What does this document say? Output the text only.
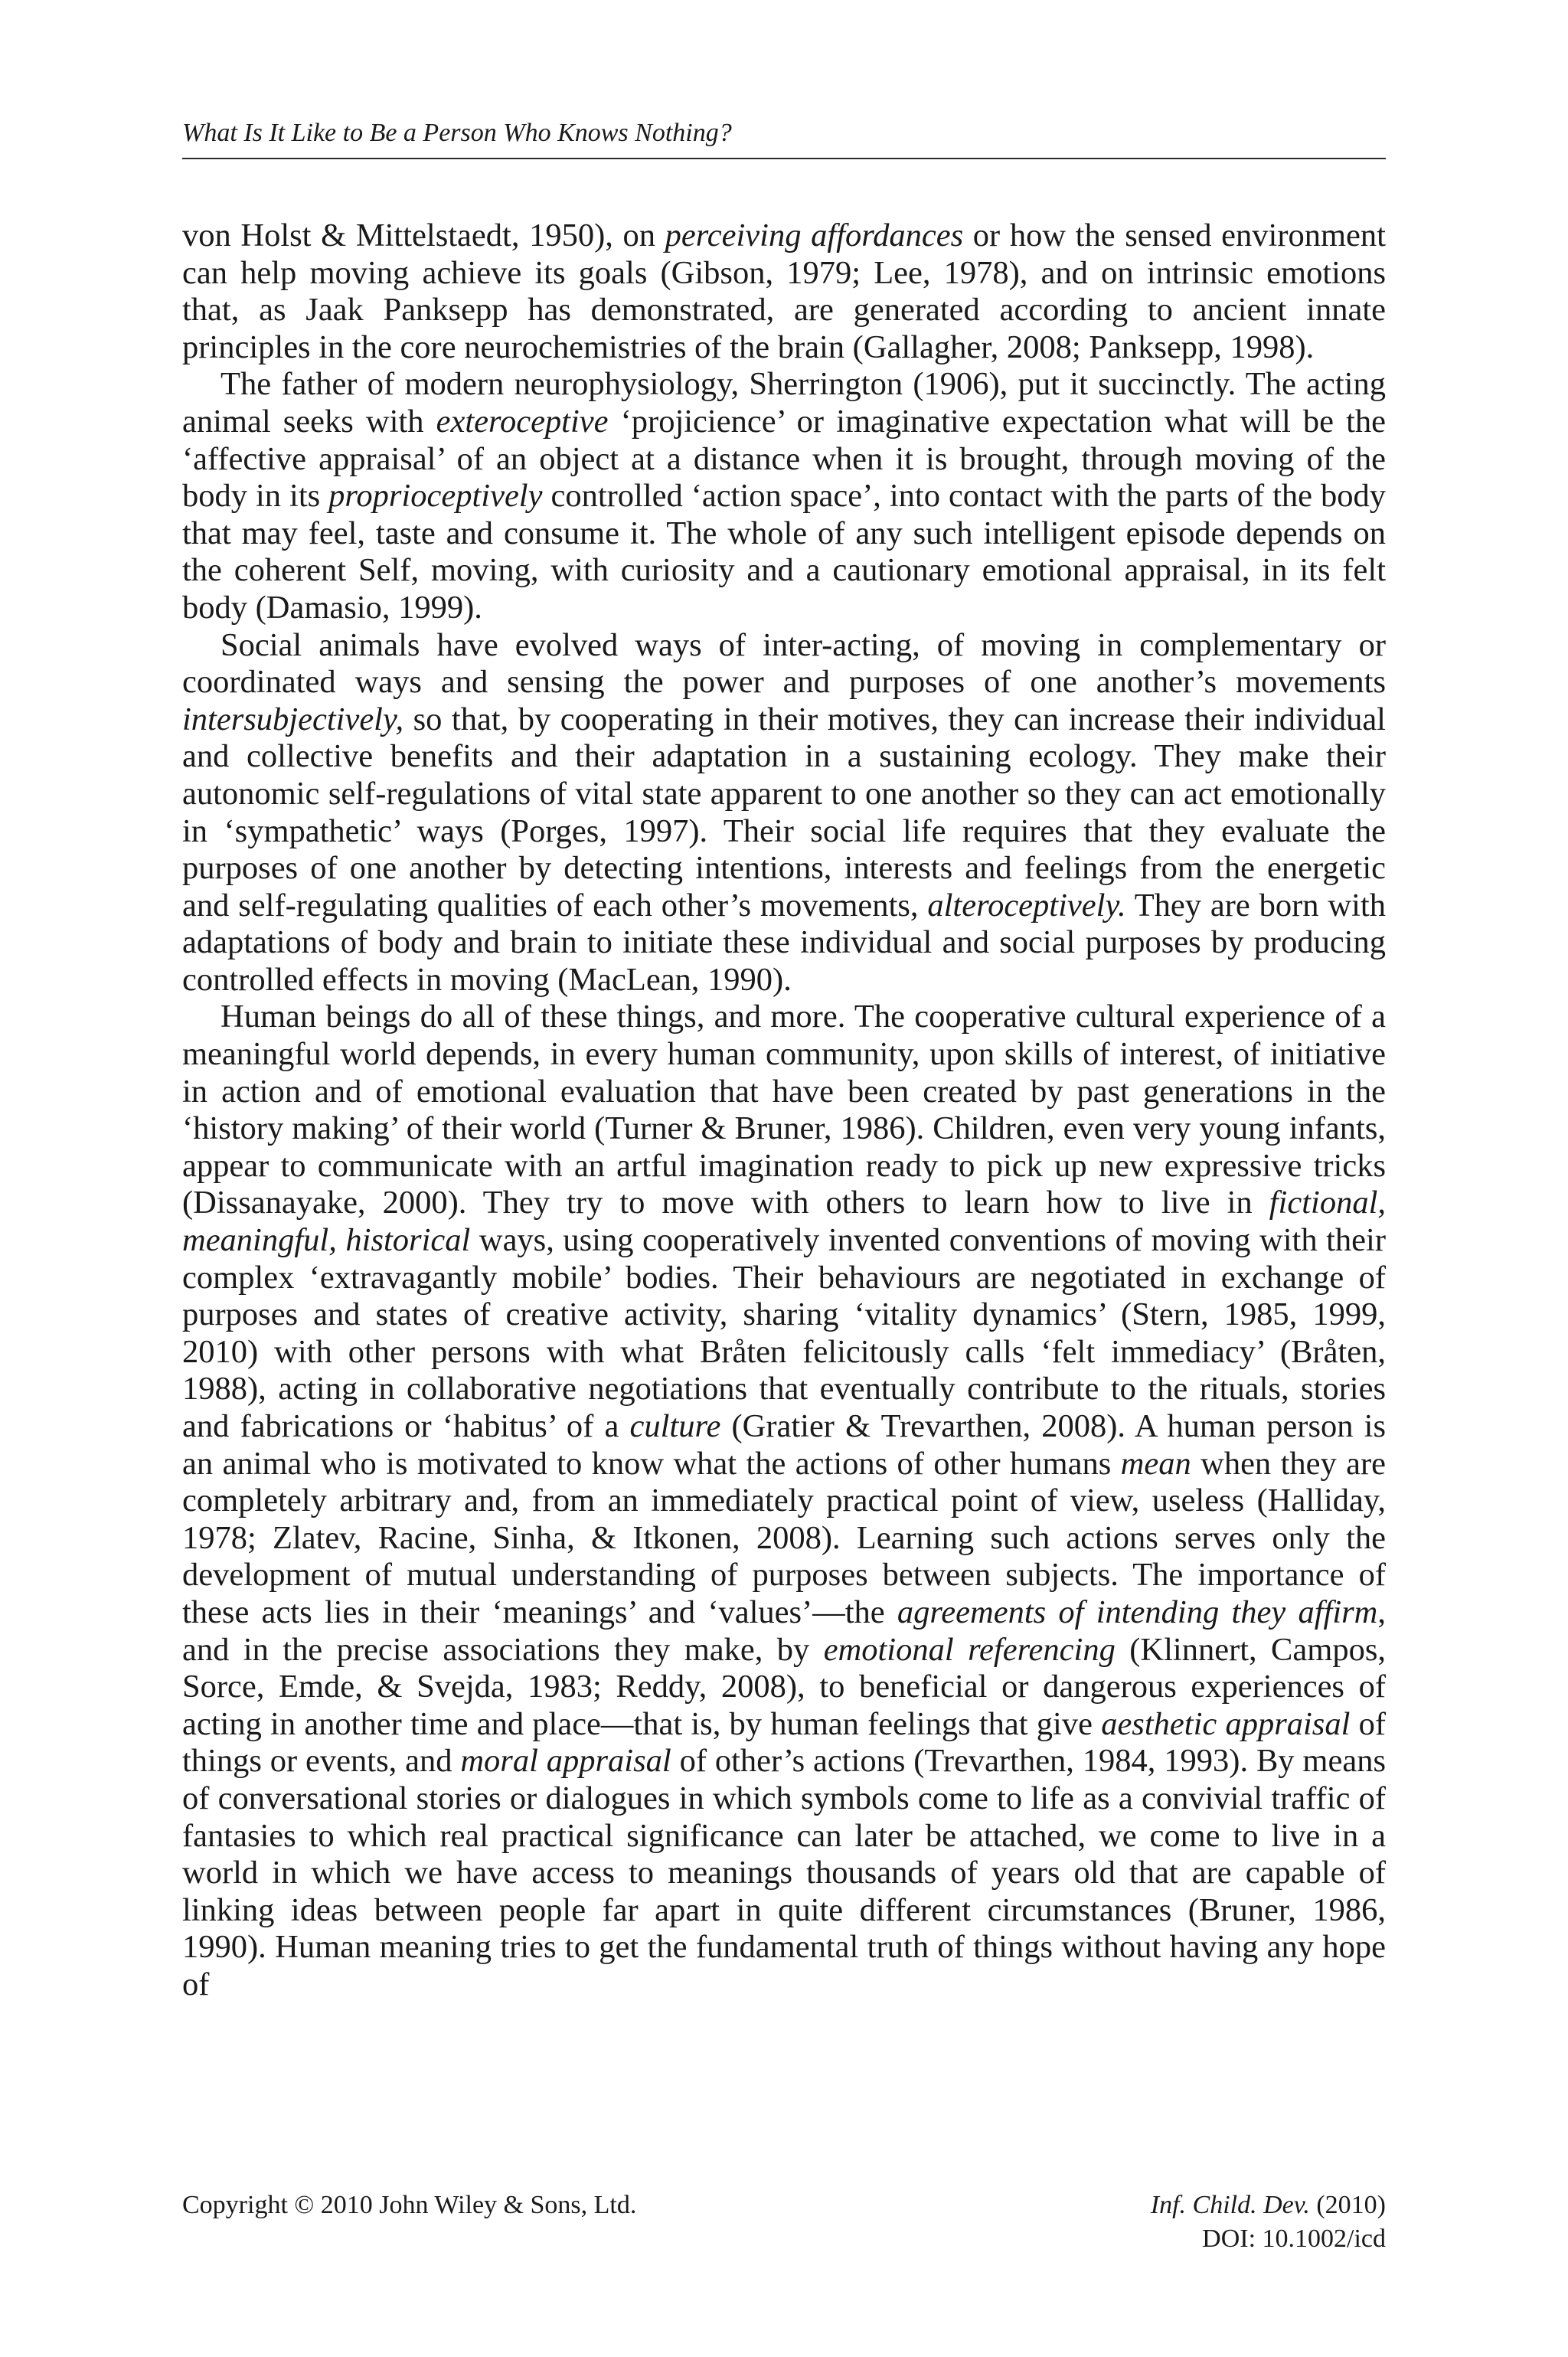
What Is It Like to Be a Person Who Knows Nothing?

von Holst & Mittelstaedt, 1950), on perceiving affordances or how the sensed environment can help moving achieve its goals (Gibson, 1979; Lee, 1978), and on intrinsic emotions that, as Jaak Panksepp has demonstrated, are generated according to ancient innate principles in the core neurochemistries of the brain (Gallagher, 2008; Panksepp, 1998).

The father of modern neurophysiology, Sherrington (1906), put it succinctly. The acting animal seeks with exteroceptive ‘projicience’ or imaginative expectation what will be the ‘affective appraisal’ of an object at a distance when it is brought, through moving of the body in its proprioceptively controlled ‘action space’, into contact with the parts of the body that may feel, taste and consume it. The whole of any such intelligent episode depends on the coherent Self, moving, with curiosity and a cautionary emotional appraisal, in its felt body (Damasio, 1999).

Social animals have evolved ways of inter-acting, of moving in complementary or coordinated ways and sensing the power and purposes of one another’s movements intersubjectively, so that, by cooperating in their motives, they can increase their individual and collective benefits and their adaptation in a sustaining ecology. They make their autonomic self-regulations of vital state apparent to one another so they can act emotionally in ‘sympathetic’ ways (Porges, 1997). Their social life requires that they evaluate the purposes of one another by detecting intentions, interests and feelings from the energetic and self-regulating qualities of each other’s movements, alteroceptively. They are born with adaptations of body and brain to initiate these individual and social purposes by producing controlled effects in moving (MacLean, 1990).

Human beings do all of these things, and more. The cooperative cultural experience of a meaningful world depends, in every human community, upon skills of interest, of initiative in action and of emotional evaluation that have been created by past generations in the ‘history making’ of their world (Turner & Bruner, 1986). Children, even very young infants, appear to communicate with an artful imagination ready to pick up new expressive tricks (Dissanayake, 2000). They try to move with others to learn how to live in fictional, meaningful, historical ways, using cooperatively invented conventions of moving with their complex ‘extravagantly mobile’ bodies. Their behaviours are negotiated in exchange of purposes and states of creative activity, sharing ‘vitality dynamics’ (Stern, 1985, 1999, 2010) with other persons with what Bråten felicitously calls ‘felt immediacy’ (Bråten, 1988), acting in collaborative negotiations that eventually contribute to the rituals, stories and fabrications or ‘habitus’ of a culture (Gratier & Trevarthen, 2008). A human person is an animal who is motivated to know what the actions of other humans mean when they are completely arbitrary and, from an immediately practical point of view, useless (Halliday, 1978; Zlatev, Racine, Sinha, & Itkonen, 2008). Learning such actions serves only the development of mutual understanding of purposes between subjects. The importance of these acts lies in their ‘meanings’ and ‘values’—the agreements of intending they affirm, and in the precise associations they make, by emotional referencing (Klinnert, Campos, Sorce, Emde, & Svejda, 1983; Reddy, 2008), to beneficial or dangerous experiences of acting in another time and place—that is, by human feelings that give aesthetic appraisal of things or events, and moral appraisal of other’s actions (Trevarthen, 1984, 1993). By means of conversational stories or dialogues in which symbols come to life as a convivial traffic of fantasies to which real practical significance can later be attached, we come to live in a world in which we have access to meanings thousands of years old that are capable of linking ideas between people far apart in quite different circumstances (Bruner, 1986, 1990). Human meaning tries to get the fundamental truth of things without having any hope of

Copyright © 2010 John Wiley & Sons, Ltd.	Inf. Child. Dev. (2010)
DOI: 10.1002/icd
